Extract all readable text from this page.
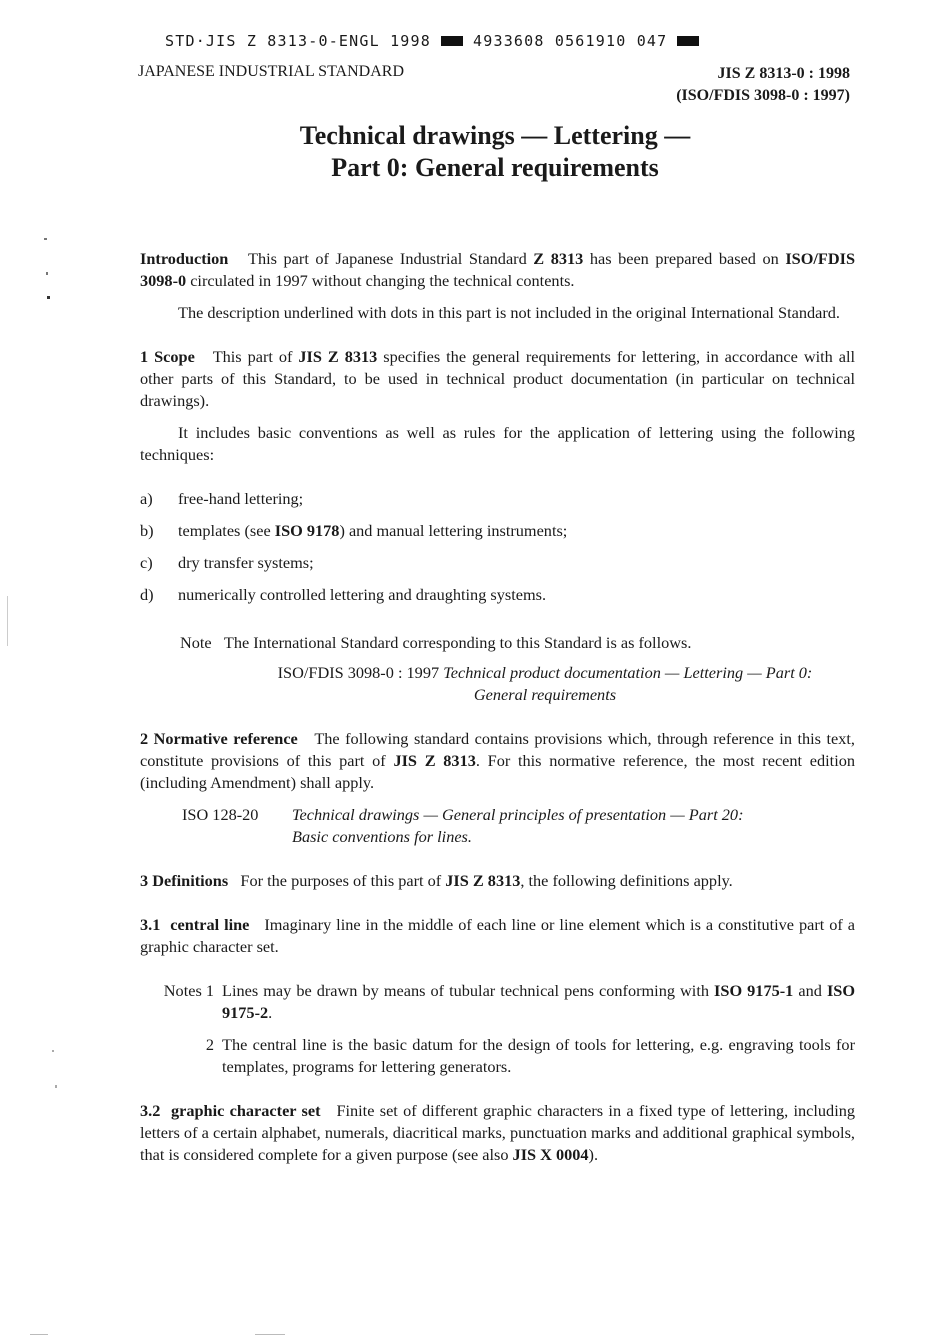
STD·JIS Z 8313-0-ENGL 1998	4933608 0561910 047
JAPANESE INDUSTRIAL STANDARD	JIS Z 8313-0 : 1998
(ISO/FDIS 3098-0 : 1997)
Technical drawings — Lettering —
Part 0: General requirements

Introduction This part of Japanese Industrial Standard Z 8313 has been prepared based on ISO/FDIS 3098-0 circulated in 1997 without changing the technical contents.

The description underlined with dots in this part is not included in the original International Standard.

1 Scope This part of JIS Z 8313 specifies the general requirements for lettering, in accordance with all other parts of this Standard, to be used in technical product documentation (in particular on technical drawings).

It includes basic conventions as well as rules for the application of lettering using the following techniques:

a)	free-hand lettering;
b)	templates (see ISO 9178) and manual lettering instruments;
c)	dry transfer systems;
d)	numerically controlled lettering and draughting systems.
Note The International Standard corresponding to this Standard is as follows.
ISO/FDIS 3098-0 : 1997 Technical product documentation — Lettering — Part 0:
General requirements

2 Normative reference The following standard contains provisions which, through reference in this text, constitute provisions of this part of JIS Z 8313. For this normative reference, the most recent edition (including Amendment) shall apply.

ISO 128-20	Technical drawings — General principles of presentation — Part 20:
Basic conventions for lines.

3 Definitions For the purposes of this part of JIS Z 8313, the following definitions apply.

3.1 central line Imaginary line in the middle of each line or line element which is a constitutive part of a graphic character set.

Notes 1 Lines may be drawn by means of tubular technical pens conforming with ISO 9175-1 and ISO 9175-2.
2 The central line is the basic datum for the design of tools for lettering, e.g. engraving tools for templates, programs for lettering generators.

3.2 graphic character set Finite set of different graphic characters in a fixed type of lettering, including letters of a certain alphabet, numerals, diacritical marks, punctuation marks and additional graphical symbols, that is considered complete for a given purpose (see also JIS X 0004).
